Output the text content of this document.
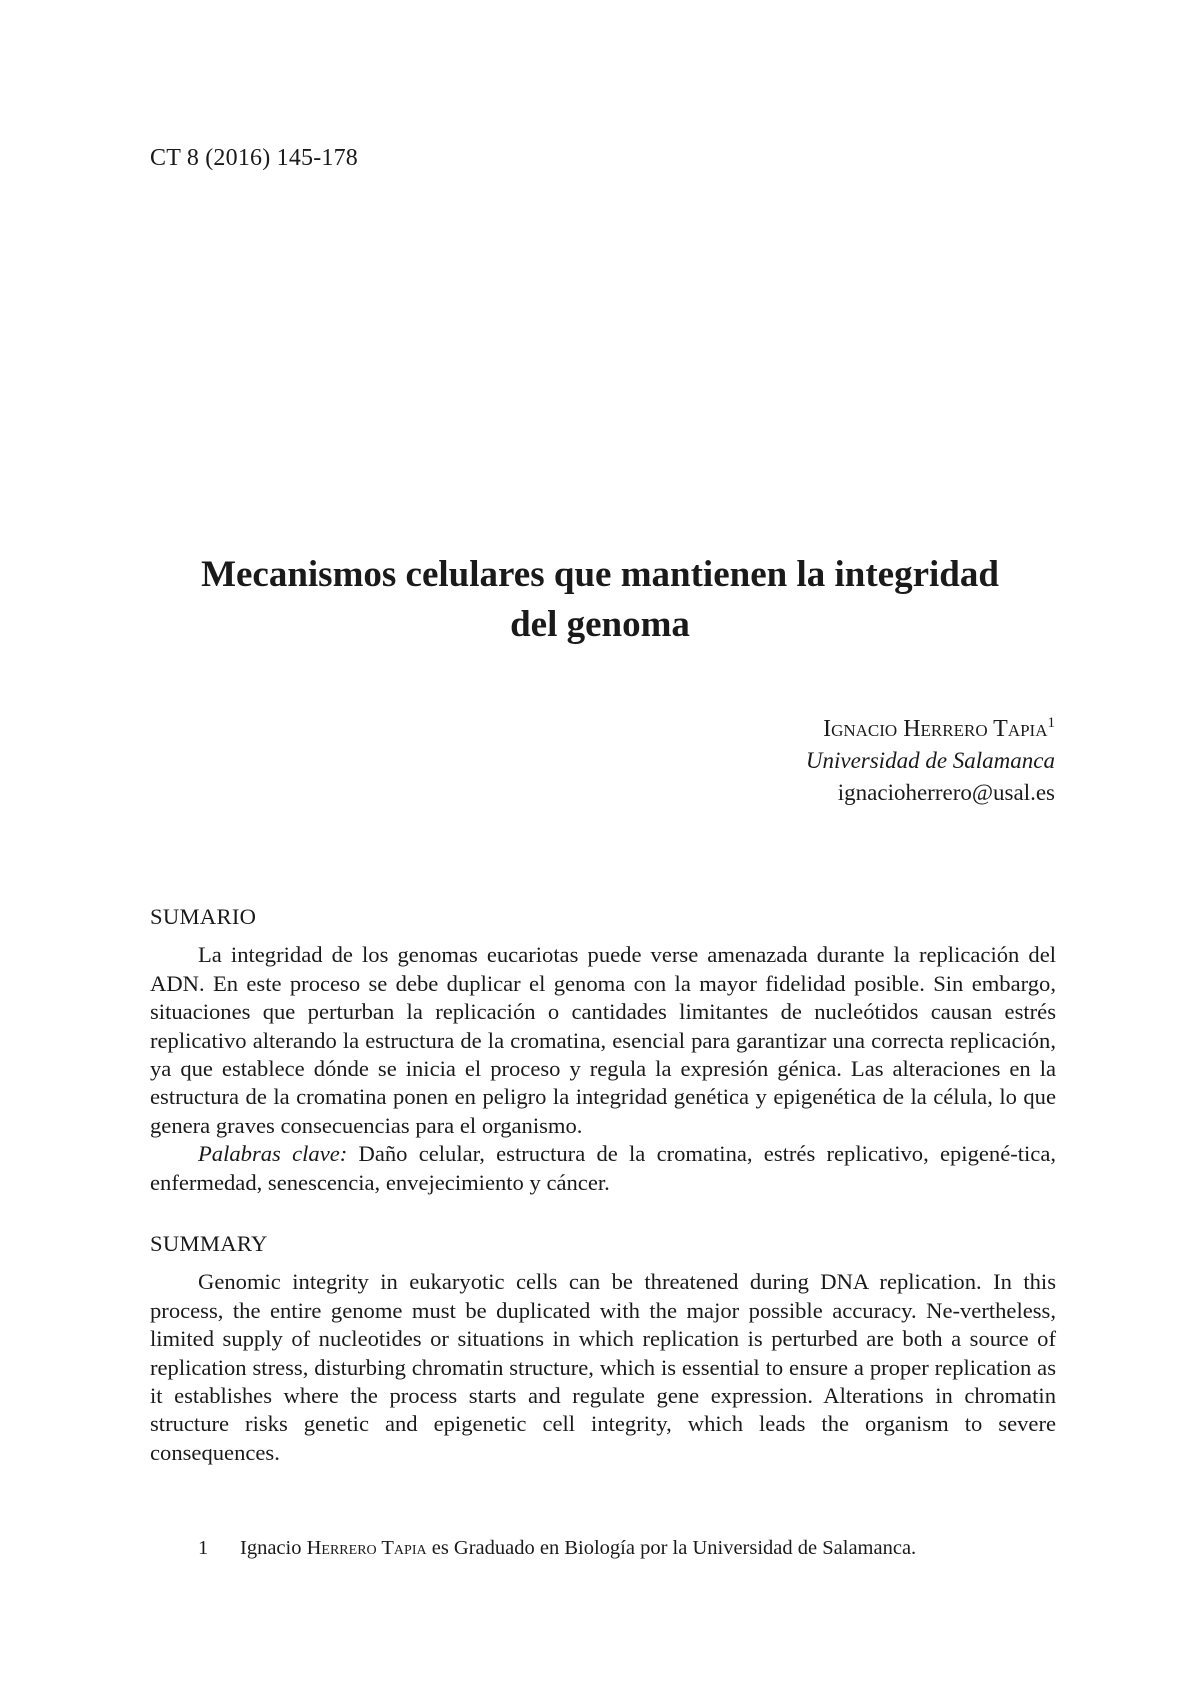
CT 8 (2016) 145-178
Mecanismos celulares que mantienen la integridad
del genoma
Ignacio Herrero Tapia$^1$
Universidad de Salamanca
ignacioherrero@usal.es
SUMARIO

La integridad de los genomas eucariotas puede verse amenazada durante la replicación del ADN. En este proceso se debe duplicar el genoma con la mayor fidelidad posible. Sin embargo, situaciones que perturban la replicación o cantidades limitantes de nucleótidos causan estrés replicativo alterando la estructura de la cromatina, esencial para garantizar una correcta replicación, ya que establece dónde se inicia el proceso y regula la expresión génica. Las alteraciones en la estructura de la cromatina ponen en peligro la integridad genética y epigenética de la célula, lo que genera graves consecuencias para el organismo.

Palabras clave: Daño celular, estructura de la cromatina, estrés replicativo, epigené-tica, enfermedad, senescencia, envejecimiento y cáncer.

SUMMARY

Genomic integrity in eukaryotic cells can be threatened during DNA replication. In this process, the entire genome must be duplicated with the major possible accuracy. Ne-vertheless, limited supply of nucleotides or situations in which replication is perturbed are both a source of replication stress, disturbing chromatin structure, which is essential to ensure a proper replication as it establishes where the process starts and regulate gene expression. Alterations in chromatin structure risks genetic and epigenetic cell integrity, which leads the organism to severe consequences.

1 Ignacio Herrero Tapia es Graduado en Biología por la Universidad de Salamanca.
